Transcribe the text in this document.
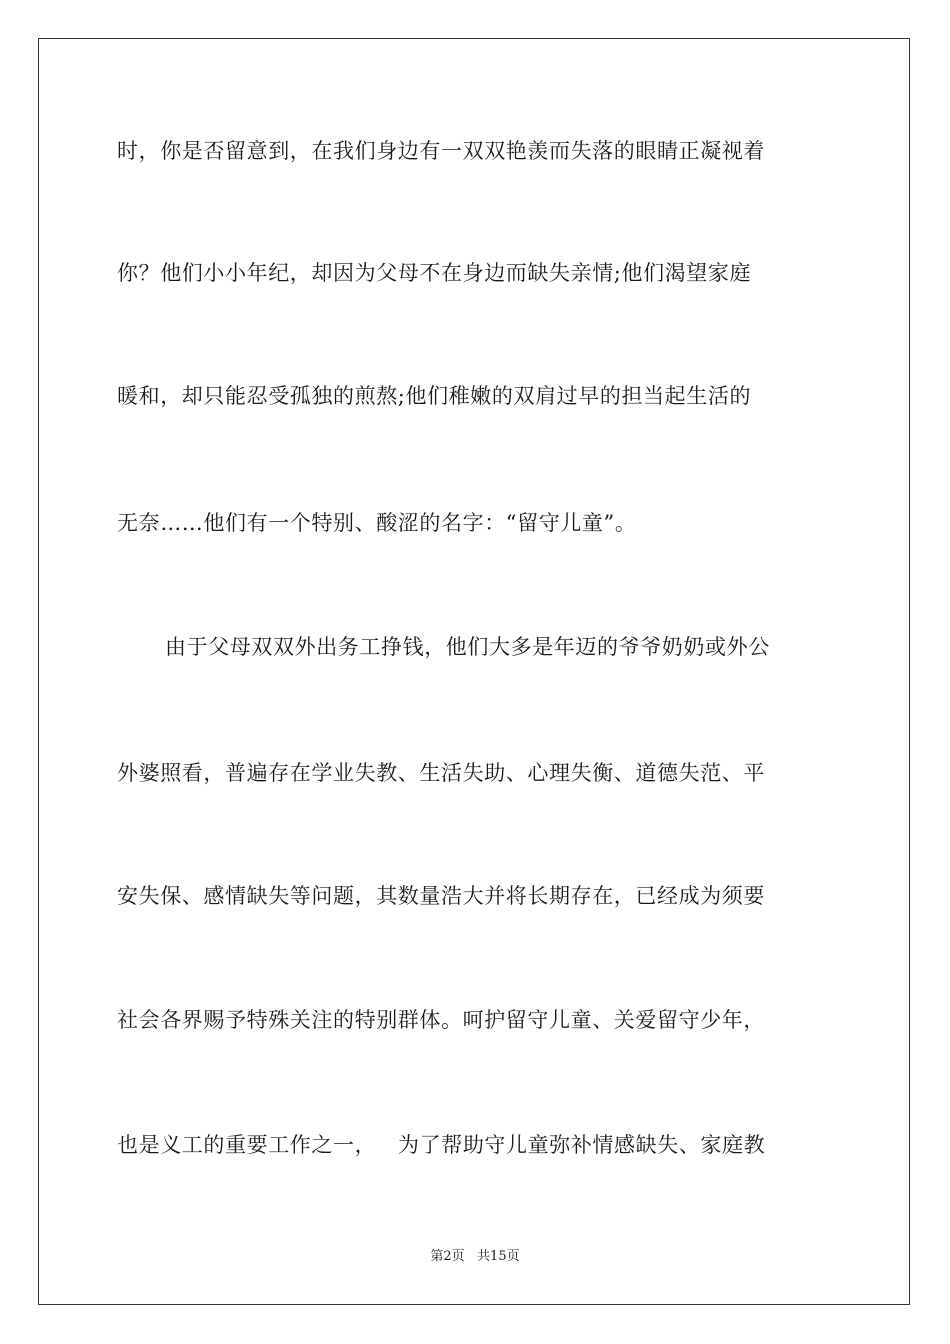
时，你是否留意到，在我们身边有一双双艳羡而失落的眼睛正凝视着
你？他们小小年纪，却因为父母不在身边而缺失亲情;他们渴望家庭
暖和，却只能忍受孤独的煎熬;他们稚嫩的双肩过早的担当起生活的
无奈……他们有一个特别、酸涩的名字：“留守儿童”。
由于父母双双外出务工挣钱，他们大多是年迈的爷爷奶奶或外公
外婆照看，普遍存在学业失教、生活失助、心理失衡、道德失范、平
安失保、感情缺失等问题，其数量浩大并将长期存在，已经成为须要
社会各界赐予特殊关注的特别群体。呵护留守儿童、关爱留守少年，
也是义工的重要工作之一，   为了帮助守儿童弥补情感缺失、家庭教
第2页   共15页
